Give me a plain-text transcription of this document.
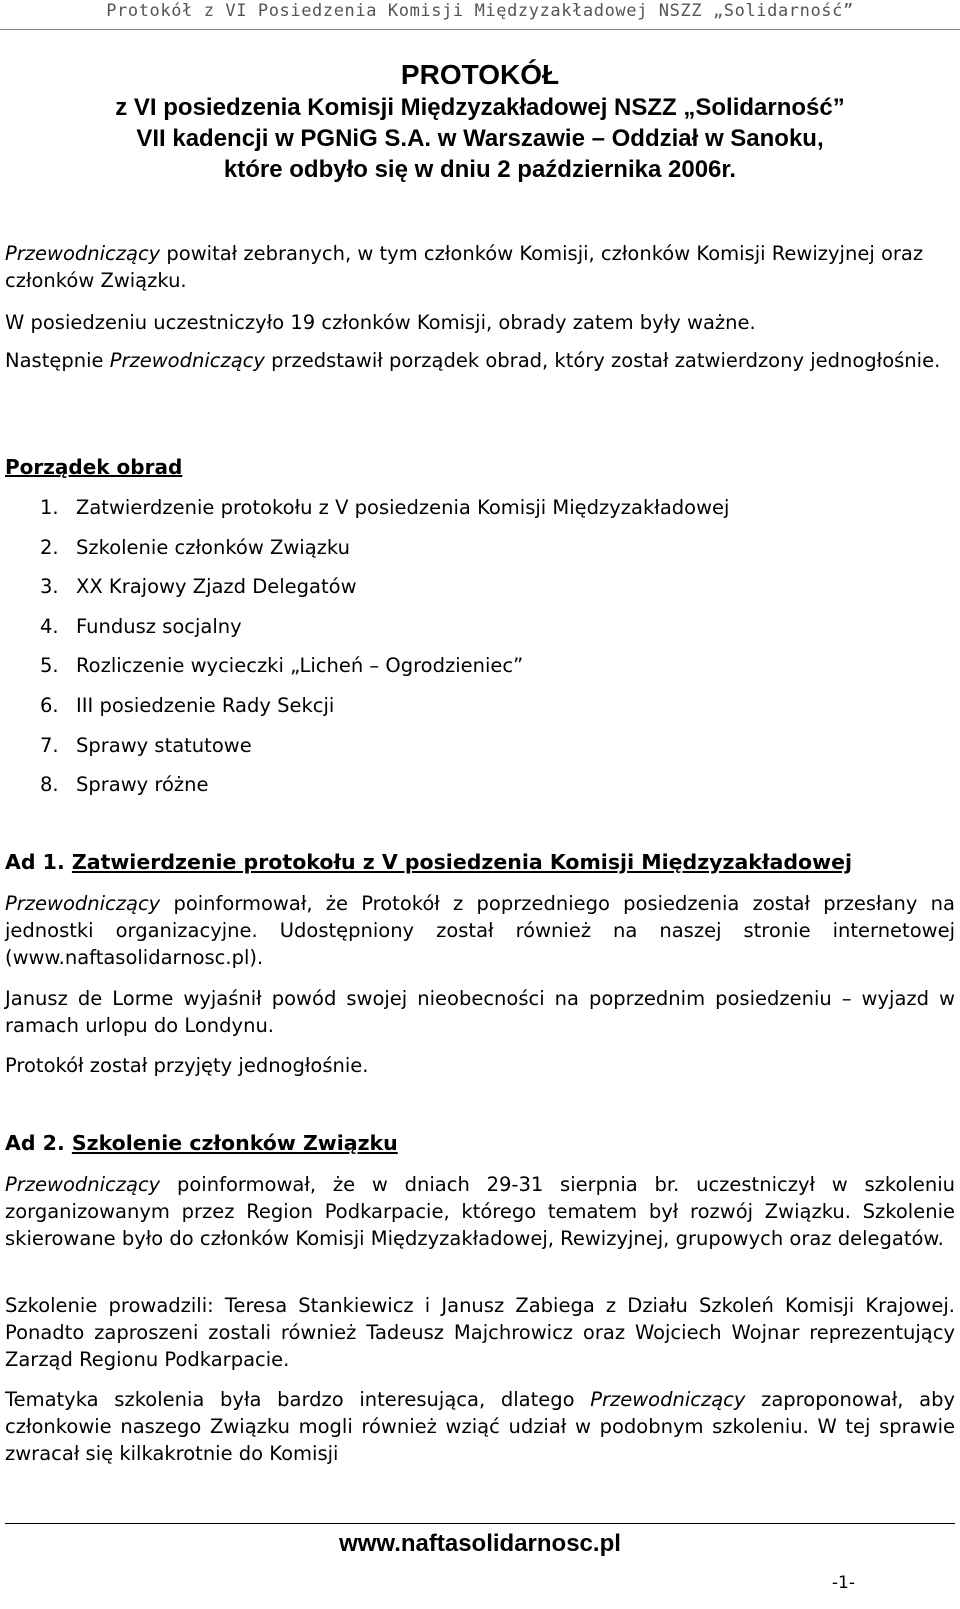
Protokół z VI Posiedzenia Komisji Międzyzakładowej NSZZ „Solidarność”
PROTOKÓŁ
z VI posiedzenia Komisji Międzyzakładowej NSZZ „Solidarność”
VII kadencji w PGNiG S.A. w Warszawie – Oddział w Sanoku,
które odbyło się w dniu 2 października 2006r.

Przewodniczący powitał zebranych, w tym członków Komisji, członków Komisji Rewizyjnej oraz członków Związku.

W posiedzeniu uczestniczyło 19 członków Komisji, obrady zatem były ważne.

Następnie Przewodniczący przedstawił porządek obrad, który został zatwierdzony jednogłośnie.

Porządek obrad

1. Zatwierdzenie protokołu z V posiedzenia Komisji Międzyzakładowej
2. Szkolenie członków Związku
3. XX Krajowy Zjazd Delegatów
4. Fundusz socjalny
5. Rozliczenie wycieczki „Licheń – Ogrodzieniec”
6. III posiedzenie Rady Sekcji
7. Sprawy statutowe
8. Sprawy różne
Ad 1. Zatwierdzenie protokołu z V posiedzenia Komisji Międzyzakładowej

Przewodniczący poinformował, że Protokół z poprzedniego posiedzenia został przesłany na jednostki organizacyjne. Udostępniony został również na naszej stronie internetowej (www.naftasolidarnosc.pl).

Janusz de Lorme wyjaśnił powód swojej nieobecności na poprzednim posiedzeniu – wyjazd w ramach urlopu do Londynu.

Protokół został przyjęty jednogłośnie.

Ad 2. Szkolenie członków Związku

Przewodniczący poinformował, że w dniach 29-31 sierpnia br. uczestniczył w szkoleniu zorganizowanym przez Region Podkarpacie, którego tematem był rozwój Związku. Szkolenie skierowane było do członków Komisji Międzyzakładowej, Rewizyjnej, grupowych oraz delegatów.

Szkolenie prowadzili: Teresa Stankiewicz i Janusz Zabiega z Działu Szkoleń Komisji Krajowej. Ponadto zaproszeni zostali również Tadeusz Majchrowicz oraz Wojciech Wojnar reprezentujący Zarząd Regionu Podkarpacie.

Tematyka szkolenia była bardzo interesująca, dlatego Przewodniczący zaproponował, aby członkowie naszego Związku mogli również wziąć udział w podobnym szkoleniu. W tej sprawie zwracał się kilkakrotnie do Komisji

www.naftasolidarnosc.pl
-1-
